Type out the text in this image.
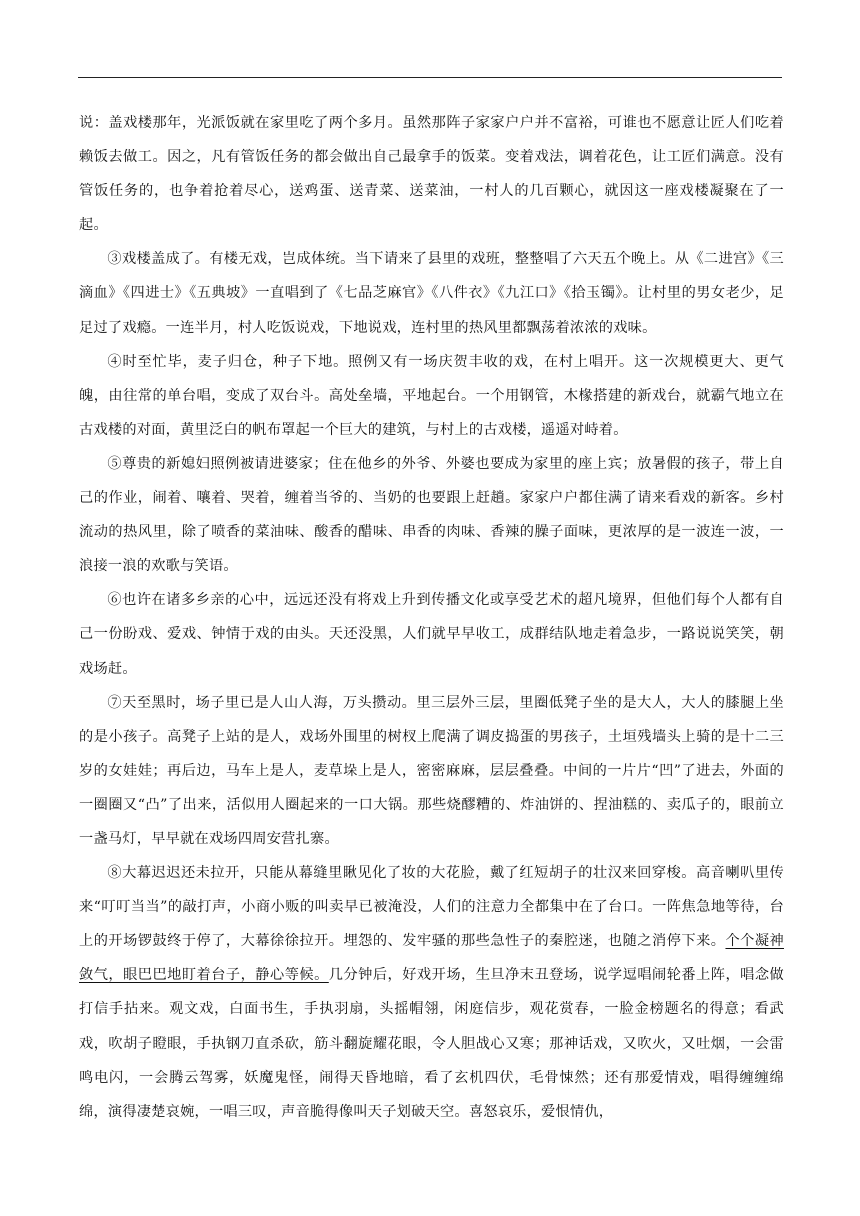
说：盖戏楼那年，光派饭就在家里吃了两个多月。虽然那阵子家家户户并不富裕，可谁也不愿意让匠人们吃着赖饭去做工。因之，凡有管饭任务的都会做出自己最拿手的饭菜。变着戏法，调着花色，让工匠们满意。没有管饭任务的，也争着抢着尽心，送鸡蛋、送青菜、送菜油，一村人的几百颗心，就因这一座戏楼凝聚在了一起。

③戏楼盖成了。有楼无戏，岂成体统。当下请来了县里的戏班，整整唱了六天五个晚上。从《二进宫》《三滴血》《四进士》《五典坡》一直唱到了《七品芝麻官》《八件衣》《九江口》《拾玉镯》。让村里的男女老少，足足过了戏瘾。一连半月，村人吃饭说戏，下地说戏，连村里的热风里都飘荡着浓浓的戏味。

④时至忙毕，麦子归仓，种子下地。照例又有一场庆贺丰收的戏，在村上唱开。这一次规模更大、更气魄，由往常的单台唱，变成了双台斗。高处垒墙，平地起台。一个用钢管，木椽搭建的新戏台，就霸气地立在古戏楼的对面，黄里泛白的帆布罩起一个巨大的建筑，与村上的古戏楼，遥遥对峙着。

⑤尊贵的新媳妇照例被请进婆家；住在他乡的外爷、外婆也要成为家里的座上宾；放暑假的孩子，带上自己的作业，闹着、嚷着、哭着，缠着当爷的、当奶的也要跟上赶趟。家家户户都住满了请来看戏的新客。乡村流动的热风里，除了喷香的菜油味、酸香的醋味、串香的肉味、香辣的臊子面味，更浓厚的是一波连一波，一浪接一浪的欢歌与笑语。

⑥也许在诸多乡亲的心中，远远还没有将戏上升到传播文化或享受艺术的超凡境界，但他们每个人都有自己一份盼戏、爱戏、钟情于戏的由头。天还没黑，人们就早早收工，成群结队地走着急步，一路说说笑笑，朝戏场赶。

⑦天至黑时，场子里已是人山人海，万头攒动。里三层外三层，里圈低凳子坐的是大人，大人的膝腿上坐的是小孩子。高凳子上站的是人，戏场外围里的树杈上爬满了调皮捣蛋的男孩子，土垣残墙头上骑的是十二三岁的女娃娃；再后边，马车上是人，麦草垛上是人，密密麻麻，层层叠叠。中间的一片片“凹”了进去，外面的一圈圈又“凸”了出来，活似用人圈起来的一口大锅。那些烧醪糟的、炸油饼的、捏油糕的、卖瓜子的，眼前立一盏马灯，早早就在戏场四周安营扎寨。

⑧大幕迟迟还未拉开，只能从幕缝里瞅见化了妆的大花脸，戴了红短胡子的壮汉来回穿梭。高音喇叭里传来“叮叮当当”的敲打声，小商小贩的叫卖早已被淹没，人们的注意力全都集中在了台口。一阵焦急地等待，台上的开场锣鼓终于停了，大幕徐徐拉开。埋怨的、发牢骚的那些急性子的秦腔迷，也随之消停下来。个个凝神敛气，眼巴巴地盯着台子，静心等候。几分钟后，好戏开场，生旦净末丑登场，说学逗唱闹轮番上阵，唱念做打信手拈来。观文戏，白面书生，手执羽扇，头摇帽翎，闲庭信步，观花赏春，一脸金榜题名的得意；看武戏，吹胡子瞪眼，手执钢刀直杀砍，筋斗翻旋耀花眼，令人胆战心又寒；那神话戏，又吹火，又吐烟，一会雷鸣电闪，一会腾云驾雾，妖魔鬼怪，闹得天昏地暗，看了玄机四伏，毛骨悚然；还有那爱情戏，唱得缠缠绵绵，演得凄楚哀婉，一唱三叹，声音脆得像叫天子划破天空。喜怒哀乐，爱恨情仇，
